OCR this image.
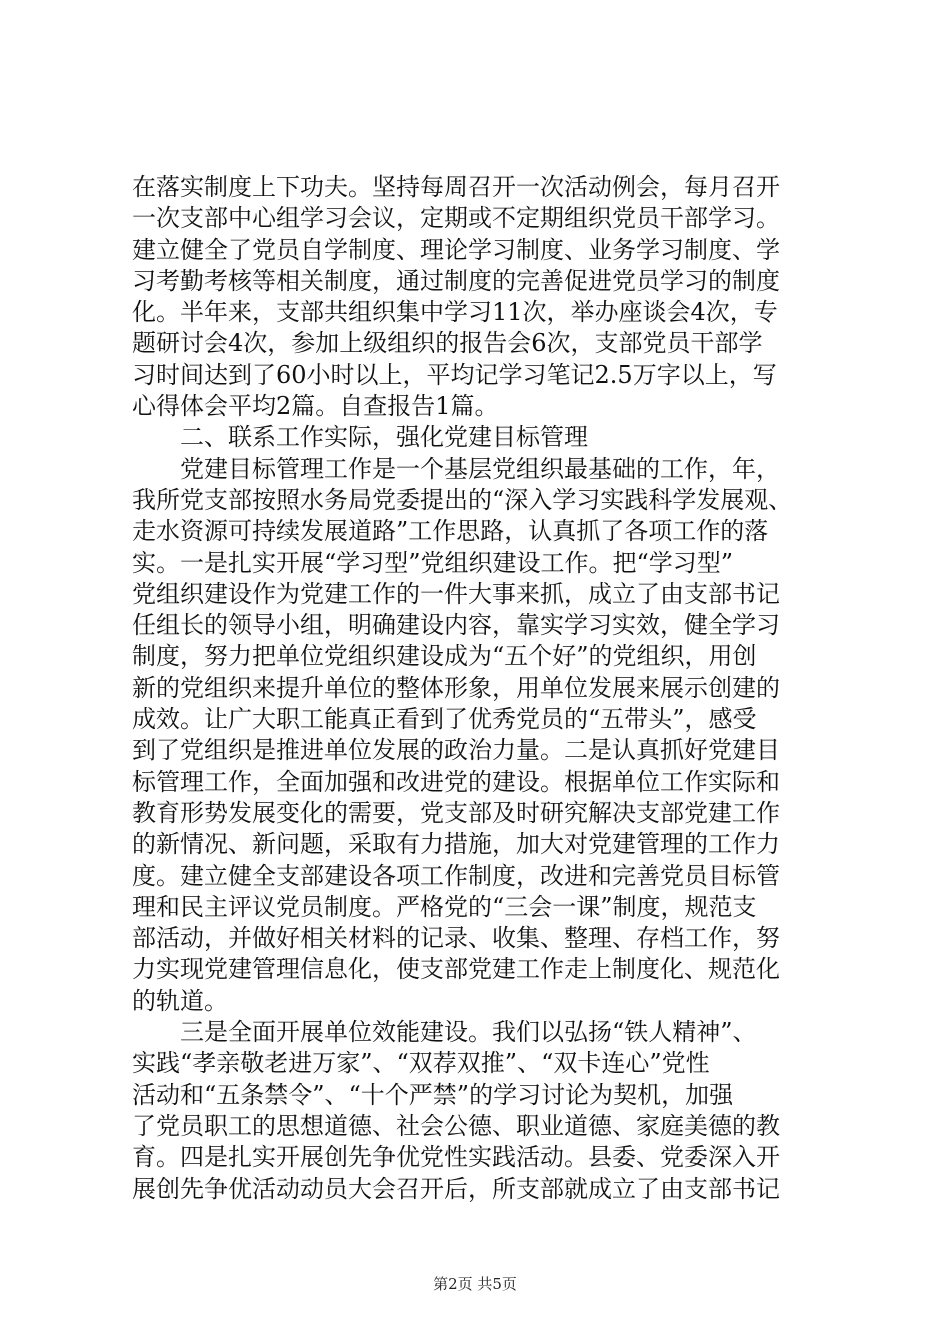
在落实制度上下功夫。坚持每周召开一次活动例会，每月召开
一次支部中心组学习会议，定期或不定期组织党员干部学习。
建立健全了党员自学制度、理论学习制度、业务学习制度、学
习考勤考核等相关制度，通过制度的完善促进党员学习的制度
化。半年来，支部共组织集中学习11次，举办座谈会4次，专
题研讨会4次，参加上级组织的报告会6次，支部党员干部学
习时间达到了60小时以上，平均记学习笔记2.5万字以上，写
心得体会平均2篇。自查报告1篇。
二、联系工作实际，强化党建目标管理
党建目标管理工作是一个基层党组织最基础的工作，年，
我所党支部按照水务局党委提出的“深入学习实践科学发展观、
走水资源可持续发展道路”工作思路，认真抓了各项工作的落
实。一是扎实开展“学习型”党组织建设工作。把“学习型”
党组织建设作为党建工作的一件大事来抓，成立了由支部书记
任组长的领导小组，明确建设内容，靠实学习实效，健全学习
制度，努力把单位党组织建设成为“五个好”的党组织，用创
新的党组织来提升单位的整体形象，用单位发展来展示创建的
成效。让广大职工能真正看到了优秀党员的“五带头”，感受
到了党组织是推进单位发展的政治力量。二是认真抓好党建目
标管理工作，全面加强和改进党的建设。根据单位工作实际和
教育形势发展变化的需要，党支部及时研究解决支部党建工作
的新情况、新问题，采取有力措施，加大对党建管理的工作力
度。建立健全支部建设各项工作制度，改进和完善党员目标管
理和民主评议党员制度。严格党的“三会一课”制度，规范支
部活动，并做好相关材料的记录、收集、整理、存档工作，努
力实现党建管理信息化，使支部党建工作走上制度化、规范化
的轨道。
三是全面开展单位效能建设。我们以弘扬“铁人精神”、
实践“孝亲敬老进万家”、“双荐双推”、“双卡连心”党性
活动和“五条禁令”、“十个严禁”的学习讨论为契机，加强
了党员职工的思想道德、社会公德、职业道德、家庭美德的教
育。四是扎实开展创先争优党性实践活动。县委、党委深入开
展创先争优活动动员大会召开后，所支部就成立了由支部书记
第2页 共5页
